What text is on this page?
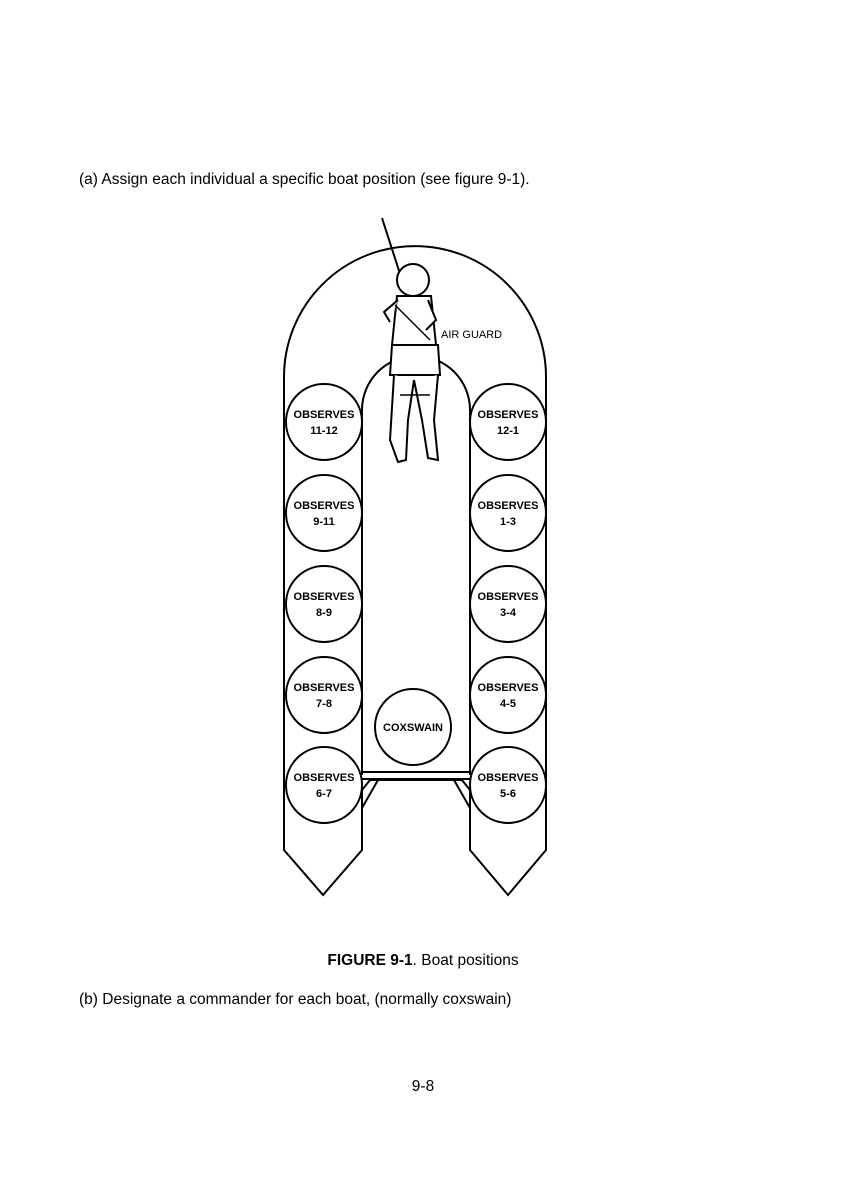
(a) Assign each individual a specific boat position (see figure 9-1).
AIR GUARD
OBSERVES
11-12
OBSERVES
9-11
OBSERVES
8-9
OBSERVES
7-8
OBSERVES
6-7
OBSERVES
12-1
OBSERVES
1-3
OBSERVES
3-4
OBSERVES
4-5
OBSERVES
5-6
COXSWAIN
FIGURE 9-1. Boat positions
(b) Designate a commander for each boat, (normally coxswain)
9-8
